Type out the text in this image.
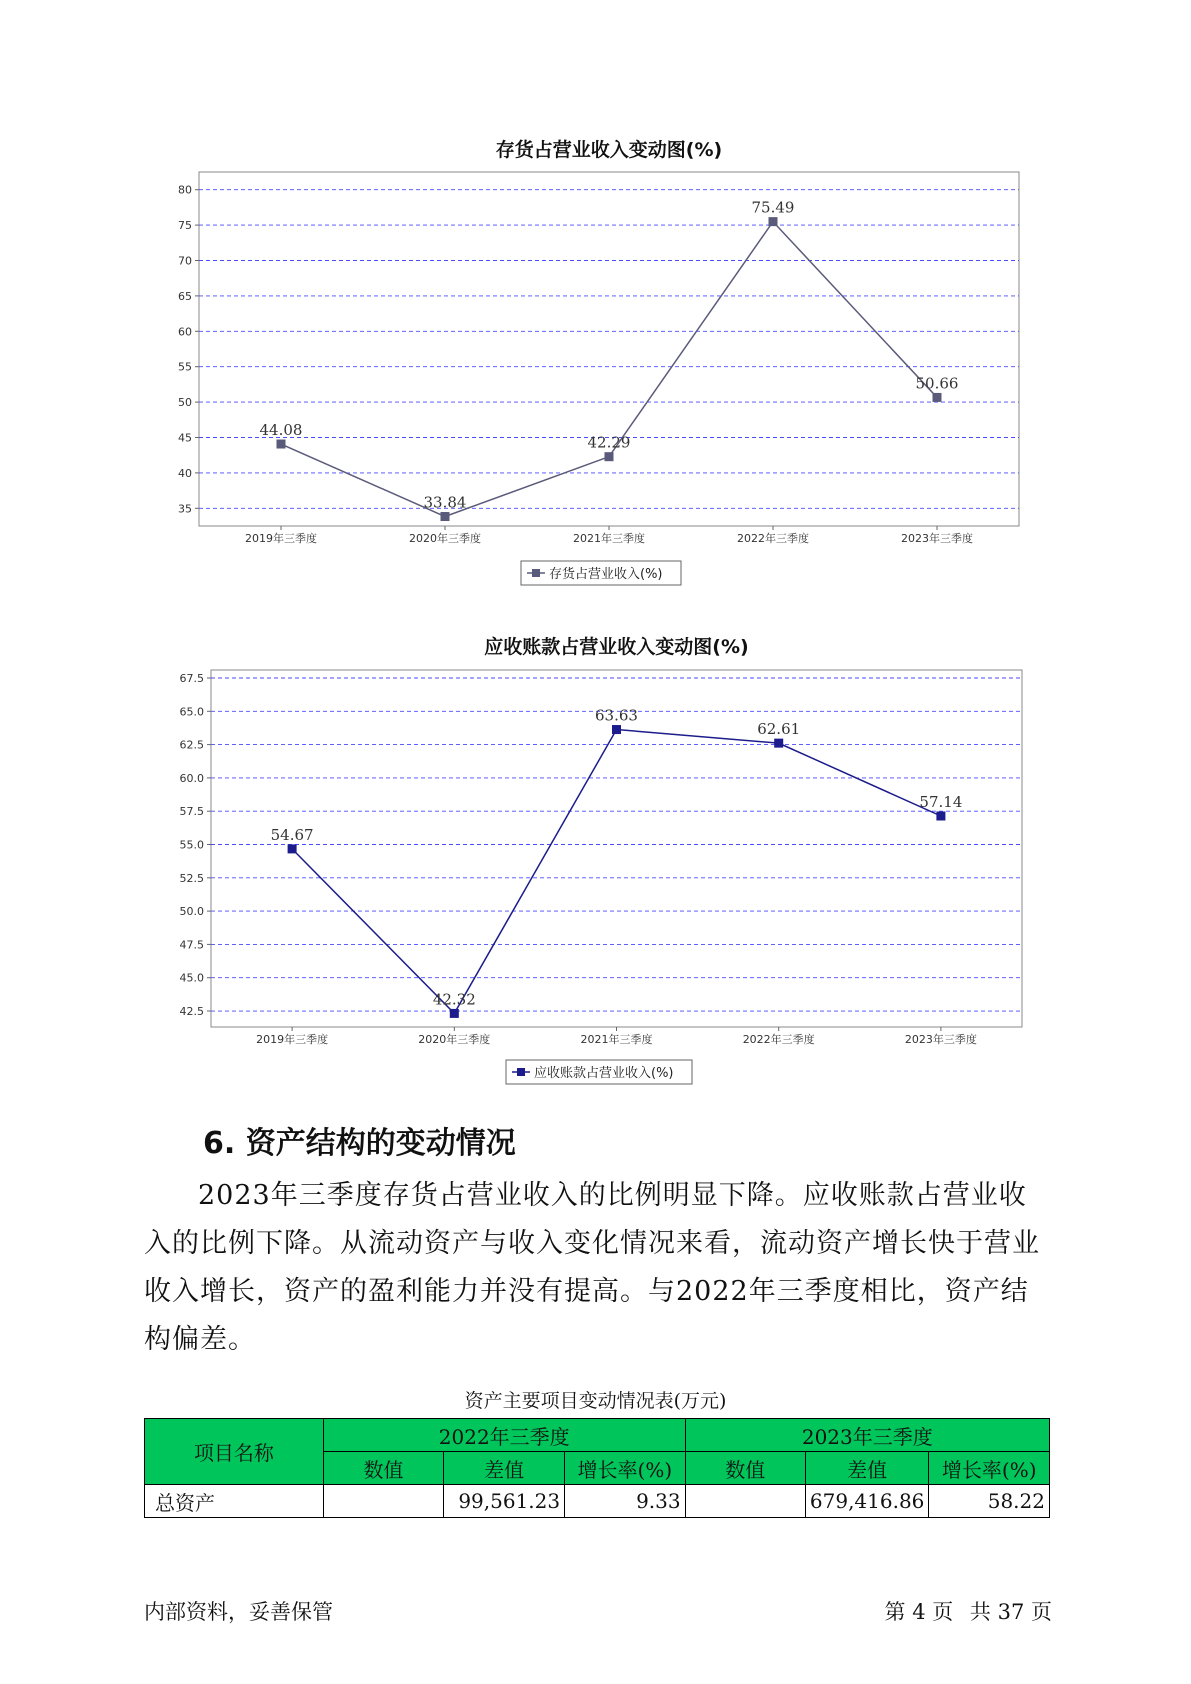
存货占营业收入变动图(%)
35
40
45
50
55
60
65
70
75
80
2019年三季度	2020年三季度	2021年三季度	2022年三季度	2023年三季度
44.08
33.84
42.29
75.49
50.66
存货占营业收入(%)
应收账款占营业收入变动图(%)
42.5
45.0
47.5
50.0
52.5
55.0
57.5
60.0
62.5
65.0
67.5
2019年三季度	2020年三季度	2021年三季度	2022年三季度	2023年三季度
54.67
42.32
63.63
62.61
57.14
应收账款占营业收入(%)
6. 资产结构的变动情况

2023年三季度存货占营业收入的比例明显下降。应收账款占营业收入的比例下降。从流动资产与收入变化情况来看，流动资产增长快于营业收入增长，资产的盈利能力并没有提高。与2022年三季度相比，资产结构偏差。

资产主要项目变动情况表(万元)
项目名称	2022年三季度			2023年三季度		
	数值	差值	增长率(%)	数值	差值	增长率(%)
总资产		99,561.23	9.33		679,416.86	58.22
内部资料，妥善保管	第 4 页 共 37 页
